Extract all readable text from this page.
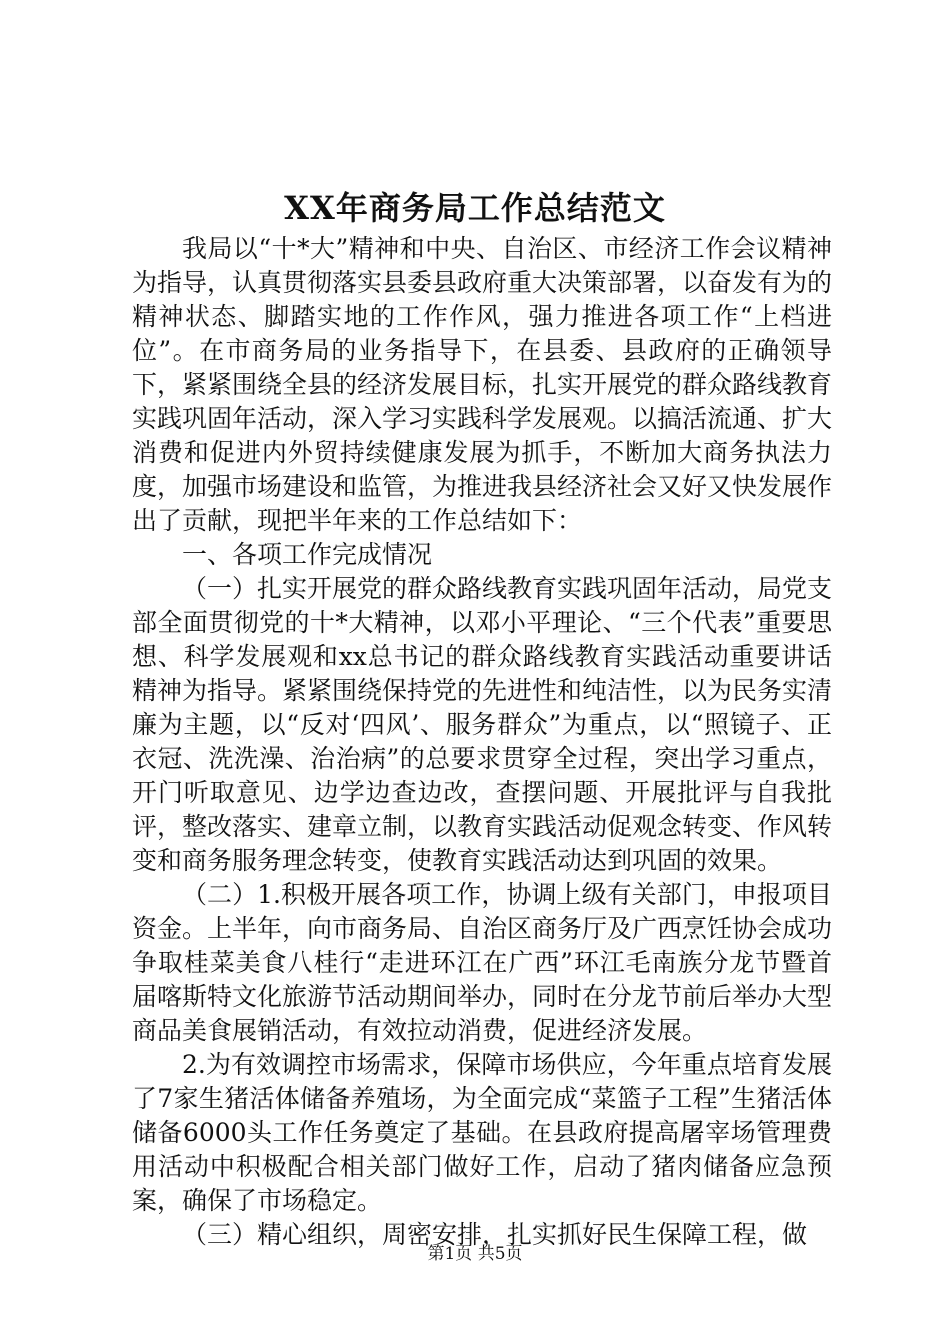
XX年商务局工作总结范文

我局以“十*大”精神和中央、自治区、市经济工作会议精神为指导，认真贯彻落实县委县政府重大决策部署，以奋发有为的精神状态、脚踏实地的工作作风，强力推进各项工作“上档进位”。在市商务局的业务指导下，在县委、县政府的正确领导下，紧紧围绕全县的经济发展目标，扎实开展党的群众路线教育实践巩固年活动，深入学习实践科学发展观。以搞活流通、扩大消费和促进内外贸持续健康发展为抓手，不断加大商务执法力度，加强市场建设和监管，为推进我县经济社会又好又快发展作出了贡献，现把半年来的工作总结如下：

一、各项工作完成情况

（一）扎实开展党的群众路线教育实践巩固年活动，局党支部全面贯彻党的十*大精神，以邓小平理论、“三个代表”重要思想、科学发展观和xx总书记的群众路线教育实践活动重要讲话精神为指导。紧紧围绕保持党的先进性和纯洁性，以为民务实清廉为主题，以“反对‘四风’、服务群众”为重点，以“照镜子、正衣冠、洗洗澡、治治病”的总要求贯穿全过程，突出学习重点，开门听取意见、边学边查边改，查摆问题、开展批评与自我批评，整改落实、建章立制，以教育实践活动促观念转变、作风转变和商务服务理念转变，使教育实践活动达到巩固的效果。

（二）1.积极开展各项工作，协调上级有关部门，申报项目资金。上半年，向市商务局、自治区商务厅及广西烹饪协会成功争取桂菜美食八桂行“走进环江在广西”环江毛南族分龙节暨首届喀斯特文化旅游节活动期间举办，同时在分龙节前后举办大型商品美食展销活动，有效拉动消费，促进经济发展。

2.为有效调控市场需求，保障市场供应，今年重点培育发展了7家生猪活体储备养殖场，为全面完成“菜篮子工程”生猪活体储备6000头工作任务奠定了基础。在县政府提高屠宰场管理费用活动中积极配合相关部门做好工作，启动了猪肉储备应急预案，确保了市场稳定。

（三）精心组织，周密安排，扎实抓好民生保障工程，做

第1页 共5页
